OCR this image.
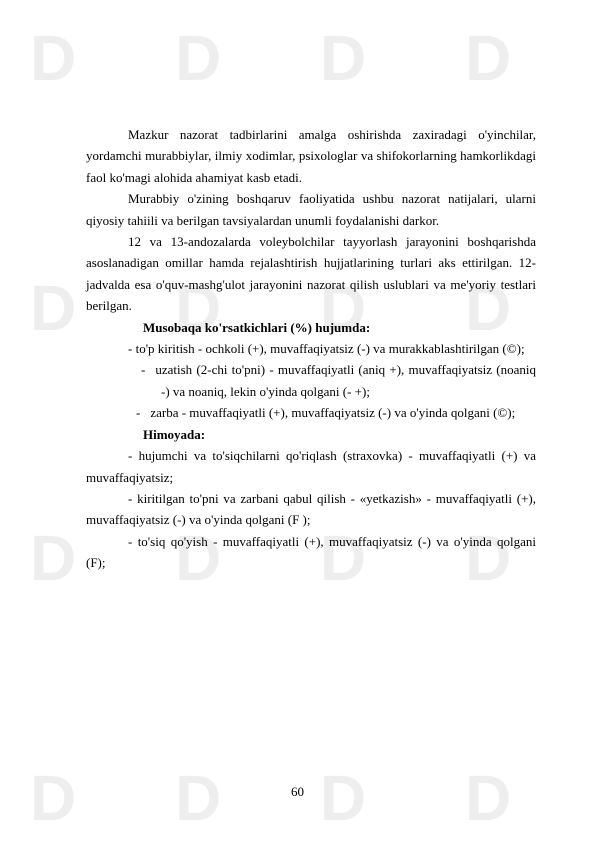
D D D D
D D D D
D D D D
D D D D

Mazkur nazorat tadbirlarini amalga oshirishda zaxiradagi o'yinchilar, yordamchi murabbiylar, ilmiy xodimlar, psixologlar va shifokorlarning hamkorlikdagi faol ko'magi alohida ahamiyat kasb etadi.

Murabbiy o'zining boshqaruv faoliyatida ushbu nazorat natijalari, ularni qiyosiy tahiili va berilgan tavsiyalardan unumli foydalanishi darkor.

12 va 13-andozalarda voleybolchilar tayyorlash jarayonini boshqarishda asoslanadigan omillar hamda rejalashtirish hujjatlarining turlari aks ettirilgan. 12-jadvalda esa o'quv-mashg'ulot jarayonini nazorat qilish uslublari va me'yoriy testlari berilgan.

Musobaqa ko'rsatkichlari (%) hujumda:

- to'p kiritish - ochkoli (+), muvaffaqiyatsiz (-) va murakkablashtirilgan (©);

- uzatish (2-chi to'pni) - muvaffaqiyatli (aniq +), muvaffaqiyatsiz (noaniq -) va noaniq, lekin o'yinda qolgani (- +);

- zarba - muvaffaqiyatli (+), muvaffaqiyatsiz (-) va o'yinda qolgani (©);

Himoyada:

- hujumchi va to'siqchilarni qo'riqlash (straxovka) - muvaffaqiyatli (+) va muvaffaqiyatsiz;

- kiritilgan to'pni va zarbani qabul qilish - «yetkazish» - muvaffaqiyatli (+), muvaffaqiyatsiz (-) va o'yinda qolgani (F );

- to'siq qo'yish - muvaffaqiyatli (+), muvaffaqiyatsiz (-) va o'yinda qolgani (F);

60
